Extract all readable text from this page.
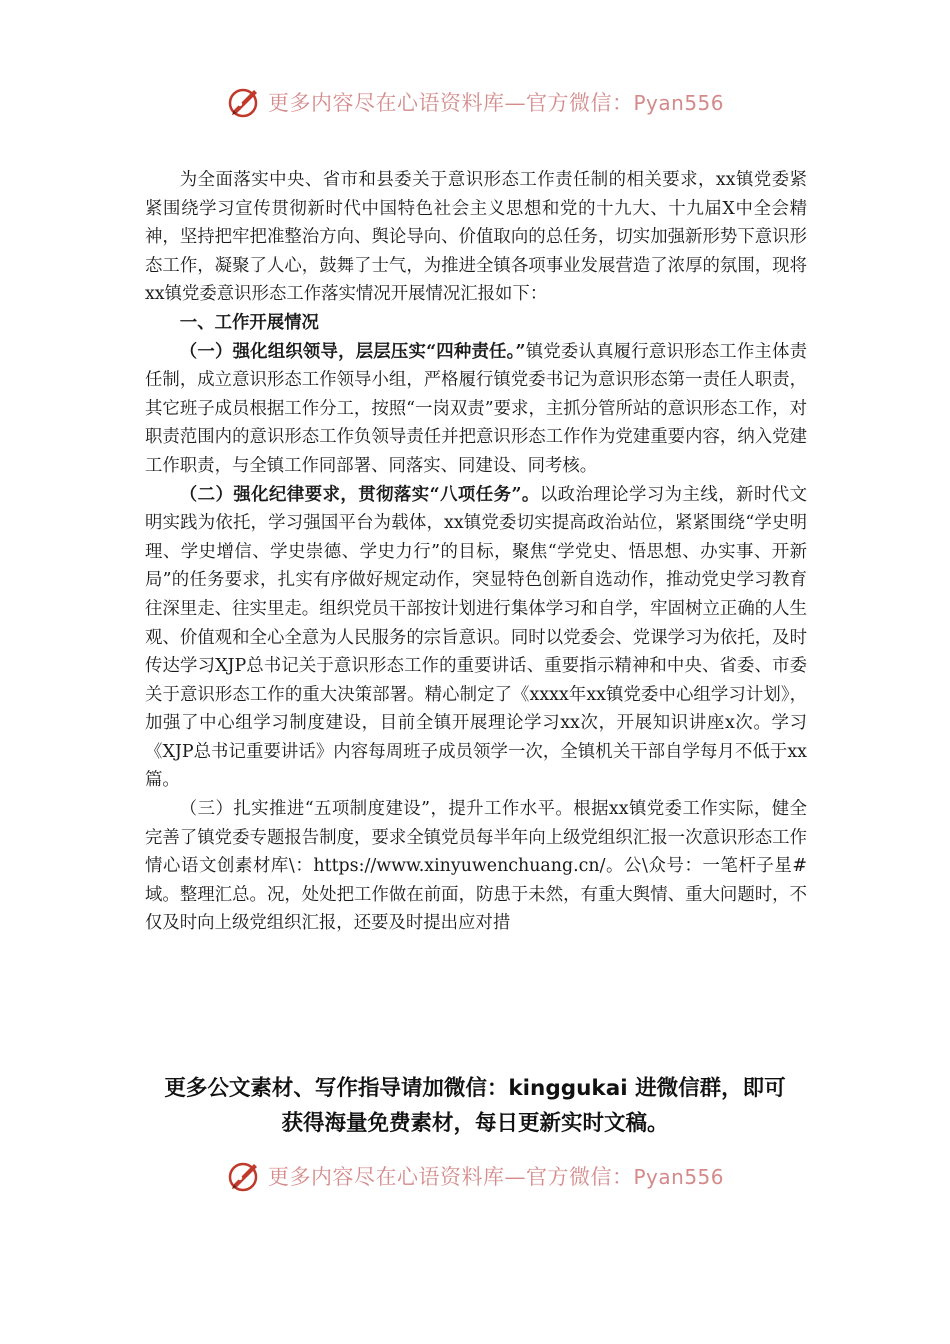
更多内容尽在心语资料库—官方微信：Pyan556

为全面落实中央、省市和县委关于意识形态工作责任制的相关要求，xx镇党委紧紧围绕学习宣传贯彻新时代中国特色社会主义思想和党的十九大、十九届X中全会精神，坚持把牢把准整治方向、舆论导向、价值取向的总任务，切实加强新形势下意识形态工作，凝聚了人心，鼓舞了士气，为推进全镇各项事业发展营造了浓厚的氛围，现将xx镇党委意识形态工作落实情况开展情况汇报如下：

一、工作开展情况

（一）强化组织领导，层层压实“四种责任。”镇党委认真履行意识形态工作主体责任制，成立意识形态工作领导小组，严格履行镇党委书记为意识形态第一责任人职责，其它班子成员根据工作分工，按照“一岗双责”要求，主抓分管所站的意识形态工作，对职责范围内的意识形态工作负领导责任并把意识形态工作作为党建重要内容，纳入党建工作职责，与全镇工作同部署、同落实、同建设、同考核。

（二）强化纪律要求，贯彻落实“八项任务”。以政治理论学习为主线，新时代文明实践为依托，学习强国平台为载体，xx镇党委切实提高政治站位，紧紧围绕“学史明理、学史增信、学史崇德、学史力行”的目标，聚焦“学党史、悟思想、办实事、开新局”的任务要求，扎实有序做好规定动作，突显特色创新自选动作，推动党史学习教育往深里走、往实里走。组织党员干部按计划进行集体学习和自学，牢固树立正确的人生观、价值观和全心全意为人民服务的宗旨意识。同时以党委会、党课学习为依托，及时传达学习XJP总书记关于意识形态工作的重要讲话、重要指示精神和中央、省委、市委关于意识形态工作的重大决策部署。精心制定了《xxxx年xx镇党委中心组学习计划》，加强了中心组学习制度建设，目前全镇开展理论学习xx次，开展知识讲座x次。学习《XJP总书记重要讲话》内容每周班子成员领学一次，全镇机关干部自学每月不低于xx篇。

（三）扎实推进“五项制度建设”，提升工作水平。根据xx镇党委工作实际，健全完善了镇党委专题报告制度，要求全镇党员每半年向上级党组织汇报一次意识形态工作情心语文创素材库\：https://www.xinyuwenchuang.cn/。公\众号：一笔杆子星#域。整理汇总。况，处处把工作做在前面，防患于未然，有重大舆情、重大问题时，不仅及时向上级党组织汇报，还要及时提出应对措

更多公文素材、写作指导请加微信：kinggukai 进微信群，即可
获得海量免费素材，每日更新实时文稿。
更多内容尽在心语资料库—官方微信：Pyan556
